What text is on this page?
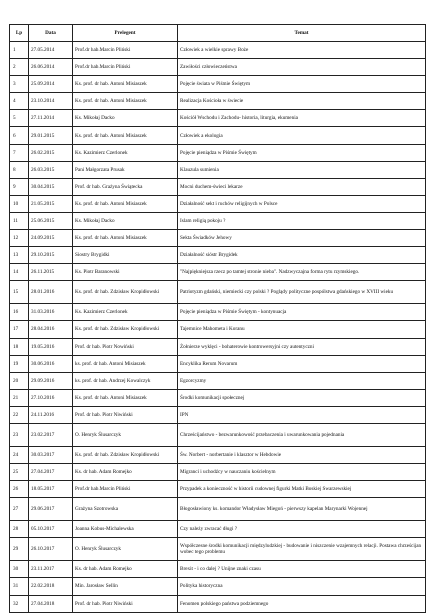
Lp	Data	Prelegent	Temat
1	27.05.2014	Prof.dr hab.Marcin Pliński	Człowiek a wielkie sprawy Boże
2	26.06.2014	Prof.dr hab.Marcin Pliński	Zawiłości człowieczeństwa
3	25.09.2014	Ks. prof. dr hab. Antoni Misiaszek	Pojęcie świata w Piśmie Świętym
4	23.10.2014	Ks. prof. dr hab. Antoni Misiaszek	Realizacja Kościoła w świecie
5	27.11.2014	Ks. Mikołaj Dacko	Kościół Wschodu i Zachodu- historia, liturgia, ekumenia
6	29.01.2015	Ks. prof. dr hab. Antoni Misiaszek	Człowiek a ekologia
7	26.02.2015	Ks. Kazimierz Czerlonek	Pojęcie pieniądza w Piśmie Świętym
8	26.03.2015	Pani Małgorzata Prusak	Klauzula sumienia
9	30.04.2015	Prof. dr hab. Grażyna Świątecka	Mocni duchem-świeci lekarze
10	21.05.2015	Ks. prof. dr hab. Antoni Misiaszek	Działalność sekt i ruchów religijnych w Polsce
11	25.06.2015	Ks. Mikołaj Dacko	Islam religią pokoju ?
12	24.09.2015	Ks. prof. dr hab. Antoni Misiaszek	Sekta Świadków Jehowy
13	29.10.2015	Siostry Brygidki	Działalność sióstr Brygidek
14	26.11.2015	Ks. Piotr Baranowski	"Najpiękniejsza rzecz po tamtej stronie nieba". Nadzwyczajna forma rytu rzymskiego.
15	28.01.2016	Ks. prof. dr hab. Zdzisław Kropidłowski	Patriotyzm gdański, niemiecki czy polski ? Poglądy polityczne pospólstwa gdańskiego w XVIII wieku
16	31.03.2016	Ks. Kazimierz Czerlonek	Pojęcie pieniądza w Piśmie Świętym - kontynuacja
17	28.04.2016	Ks. prof. dr hab. Zdzisław Kropidłowski	Tajemnice Mahometa i Koranu
18	19.05.2016	Prof. dr hab. Piotr Nowiński	Żołnierze wyklęci - bohaterowie kontrowersyjni czy autentyczni
19	30.06.2016	ks. prof. dr hab. Antoni Misiaszek	Encyklika Rerum Novarum
20	29.09.2016	ks. prof. dr hab. Andrzej Kowalczyk	Egzorcyzmy
21	27.10.2016	Ks. prof. dr hab. Antoni Misiaszek	Środki komunikacji społecznej
22	24.11.2016	Prof. dr hab. Piotr Niwiński	IPN
23	23.02.2017	O. Henryk Ślusarczyk	Chrześcijaństwo - bezwarunkowość przebaczenia i uwarunkowania pojednania
24	30.03.2017	Ks. prof. dr hab. Zdzisław Kropidłowski	Św. Norbert - norbertanie i klasztor w Hebdowie
25	27.04.2017	Ks. dr hab. Adam Romejko	Migranci i uchodźcy w nauczaniu kościelnym
26	18.05.2017	Prof.dr hab.Marcin Pliński	Przypadek a konieczność w historii cudownej figurki Matki Boskiej Swarzewskiej
27	29.06.2017	Grażyna Szotrowska	Błogosławiony ks. komandor Władysław Miegoń - pierwszy kapelan Marynarki Wojennej
28	05.10.2017	Joanna Kobus-Michalewska	Czy należy zwracać długi ?
29	26.10.2017	O. Henryk Ślusarczyk	Współczesne środki komunikacji międzyludzkiej - budowanie i niszczenie wzajemnych relacji. Postawa chrześcijan wobec tego problemu
30	23.11.2017	Ks. dr hab. Adam Romejko	Brexit - i co dalej ? Unijne znaki czasu
31	22.02.2018	Min. Jarosław Sellin	Polityka historyczna
32	27.04.2018	Prof. dr hab. Piotr Niwiński	Fenomen polskiego państwa podziemnego
